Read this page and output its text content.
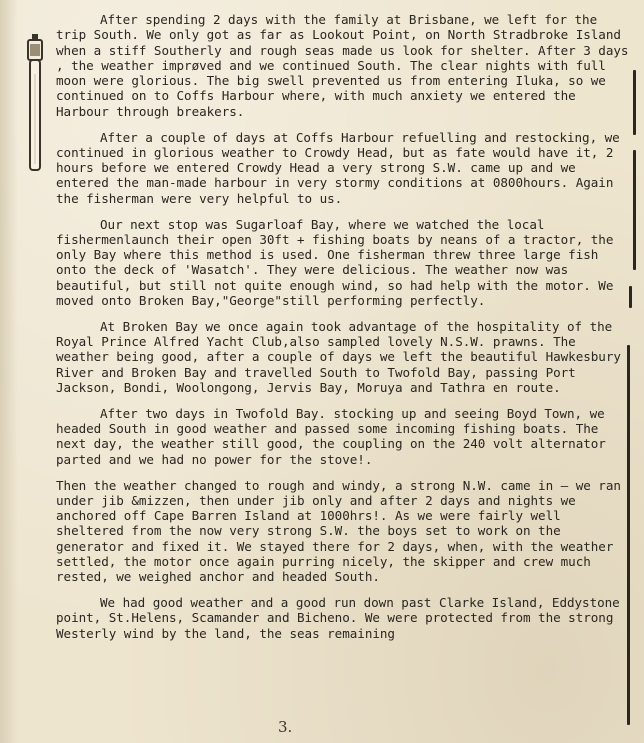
After spending 2 days with the family at Brisbane, we left for the trip South. We only got as far as Lookout Point, on North Stradbroke Island when a stiff Southerly and rough seas made us look for shelter. After 3 days , the weather imprøved and we continued South. The clear nights with full moon were glorious. The big swell prevented us from entering Iluka, so we continued on to Coffs Harbour where, with much anxiety we entered the Harbour through breakers.

After a couple of days at Coffs Harbour refuelling and restocking, we continued in glorious weather to Crowdy Head, but as fate would have it, 2 hours before we entered Crowdy Head a very strong S.W. came up and we entered the man-made harbour in very stormy conditions at 0800hours. Again the fisherman were very helpful to us.

Our next stop was Sugarloaf Bay, where we watched the local fishermenlaunch their open 30ft + fishing boats by neans of a tractor, the only Bay where this method is used. One fisherman threw three large fish onto the deck of 'Wasatch'. They were delicious. The weather now was beautiful, but still not quite enough wind, so had help with the motor. We moved onto Broken Bay,"George"still performing perfectly.

At Broken Bay we once again took advantage of the hospitality of the Royal Prince Alfred Yacht Club,also sampled lovely N.S.W. prawns. The weather being good, after a couple of days we left the beautiful Hawkesbury River and Broken Bay and travelled South to Twofold Bay, passing Port Jackson, Bondi, Woolongong, Jervis Bay, Moruya and Tathra en route.

After two days in Twofold Bay. stocking up and seeing Boyd Town, we headed South in good weather and passed some incoming fishing boats. The next day, the weather still good, the coupling on the 240 volt alternator parted and we had no power for the stove!.

Then the weather changed to rough and windy, a strong N.W. came in — we ran under jib &mizzen, then under jib only and after 2 days and nights we anchored off Cape Barren Island at 1000hrs!. As we were fairly well sheltered from the now very strong S.W. the boys set to work on the generator and fixed it. We stayed there for 2 days, when, with the weather settled, the motor once again purring nicely, the skipper and crew much rested, we weighed anchor and headed South.

We had good weather and a good run down past Clarke Island, Eddystone point, St.Helens, Scamander and Bicheno. We were protected from the strong Westerly wind by the land, the seas remaining

3.
